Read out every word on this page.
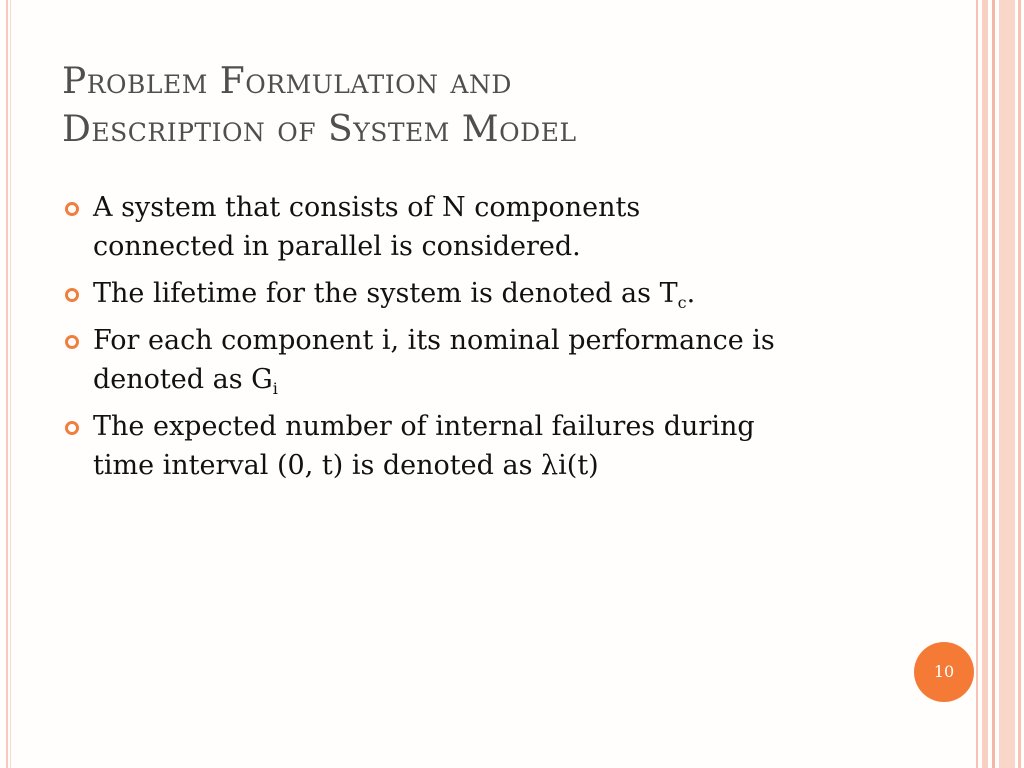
Problem Formulation and
Description of System Model
A system that consists of N components
connected in parallel is considered.
The lifetime for the system is denoted as $T_c$.
For each component i, its nominal performance is
denoted as $G_i$
The expected number of internal failures during
time interval (0, t) is denoted as λi(t)
10
